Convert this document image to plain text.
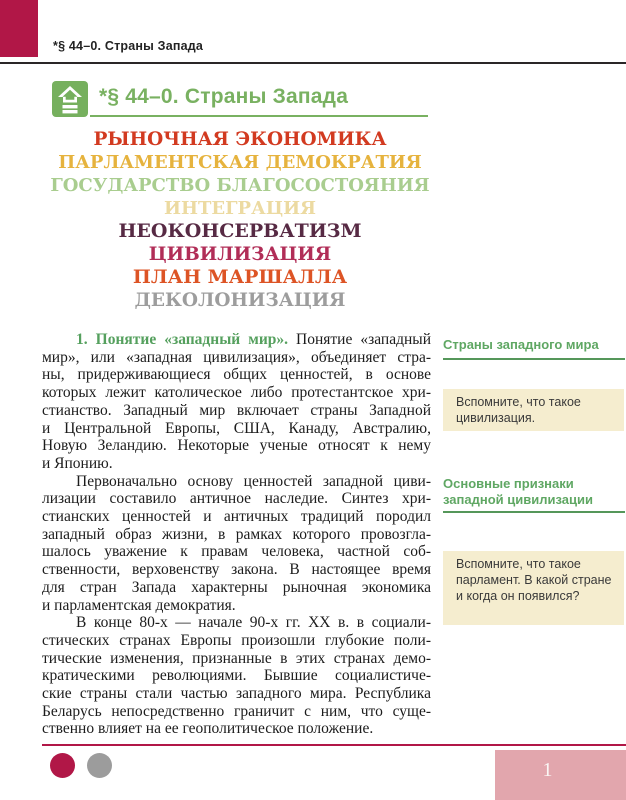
*§ 44–0. Страны Запада
*§ 44–0. Страны Запада
РЫНОЧНАЯ ЭКОНОМИКА
ПАРЛАМЕНТСКАЯ ДЕМОКРАТИЯ
ГОСУДАРСТВО БЛАГОСОСТОЯНИЯ
ИНТЕГРАЦИЯ
НЕОКОНСЕРВАТИЗМ
ЦИВИЛИЗАЦИЯ
ПЛАН МАРШАЛЛА
ДЕКОЛОНИЗАЦИЯ
1. Понятие «западный мир». Понятие «западный
мир», или «западная цивилизация», объединяет стра-
ны, придерживающиеся общих ценностей, в основе
которых лежит католическое либо протестантское хри-
стианство. Западный мир включает страны Западной
и Центральной Европы, США, Канаду, Австралию,
Новую Зеландию. Некоторые ученые относят к нему
и Японию.
Первоначально основу ценностей западной циви-
лизации составило античное наследие. Синтез хри-
стианских ценностей и античных традиций породил
западный образ жизни, в рамках которого провозгла-
шалось уважение к правам человека, частной соб-
ственности, верховенству закона. В настоящее время
для стран Запада характерны рыночная экономика
и парламентская демократия.
В конце 80-х — начале 90-х гг. XX в. в социали-
стических странах Европы произошли глубокие поли-
тические изменения, признанные в этих странах демо-
кратическими революциями. Бывшие социалистиче-
ские страны стали частью западного мира. Республика
Беларусь непосредственно граничит с ним, что суще-
ственно влияет на ее геополитическое положение.
Страны западного мира
Вспомните, что такое цивилизация.
Основные признаки западной цивилизации
Вспомните, что такое парламент. В какой стране и когда он появился?
1
